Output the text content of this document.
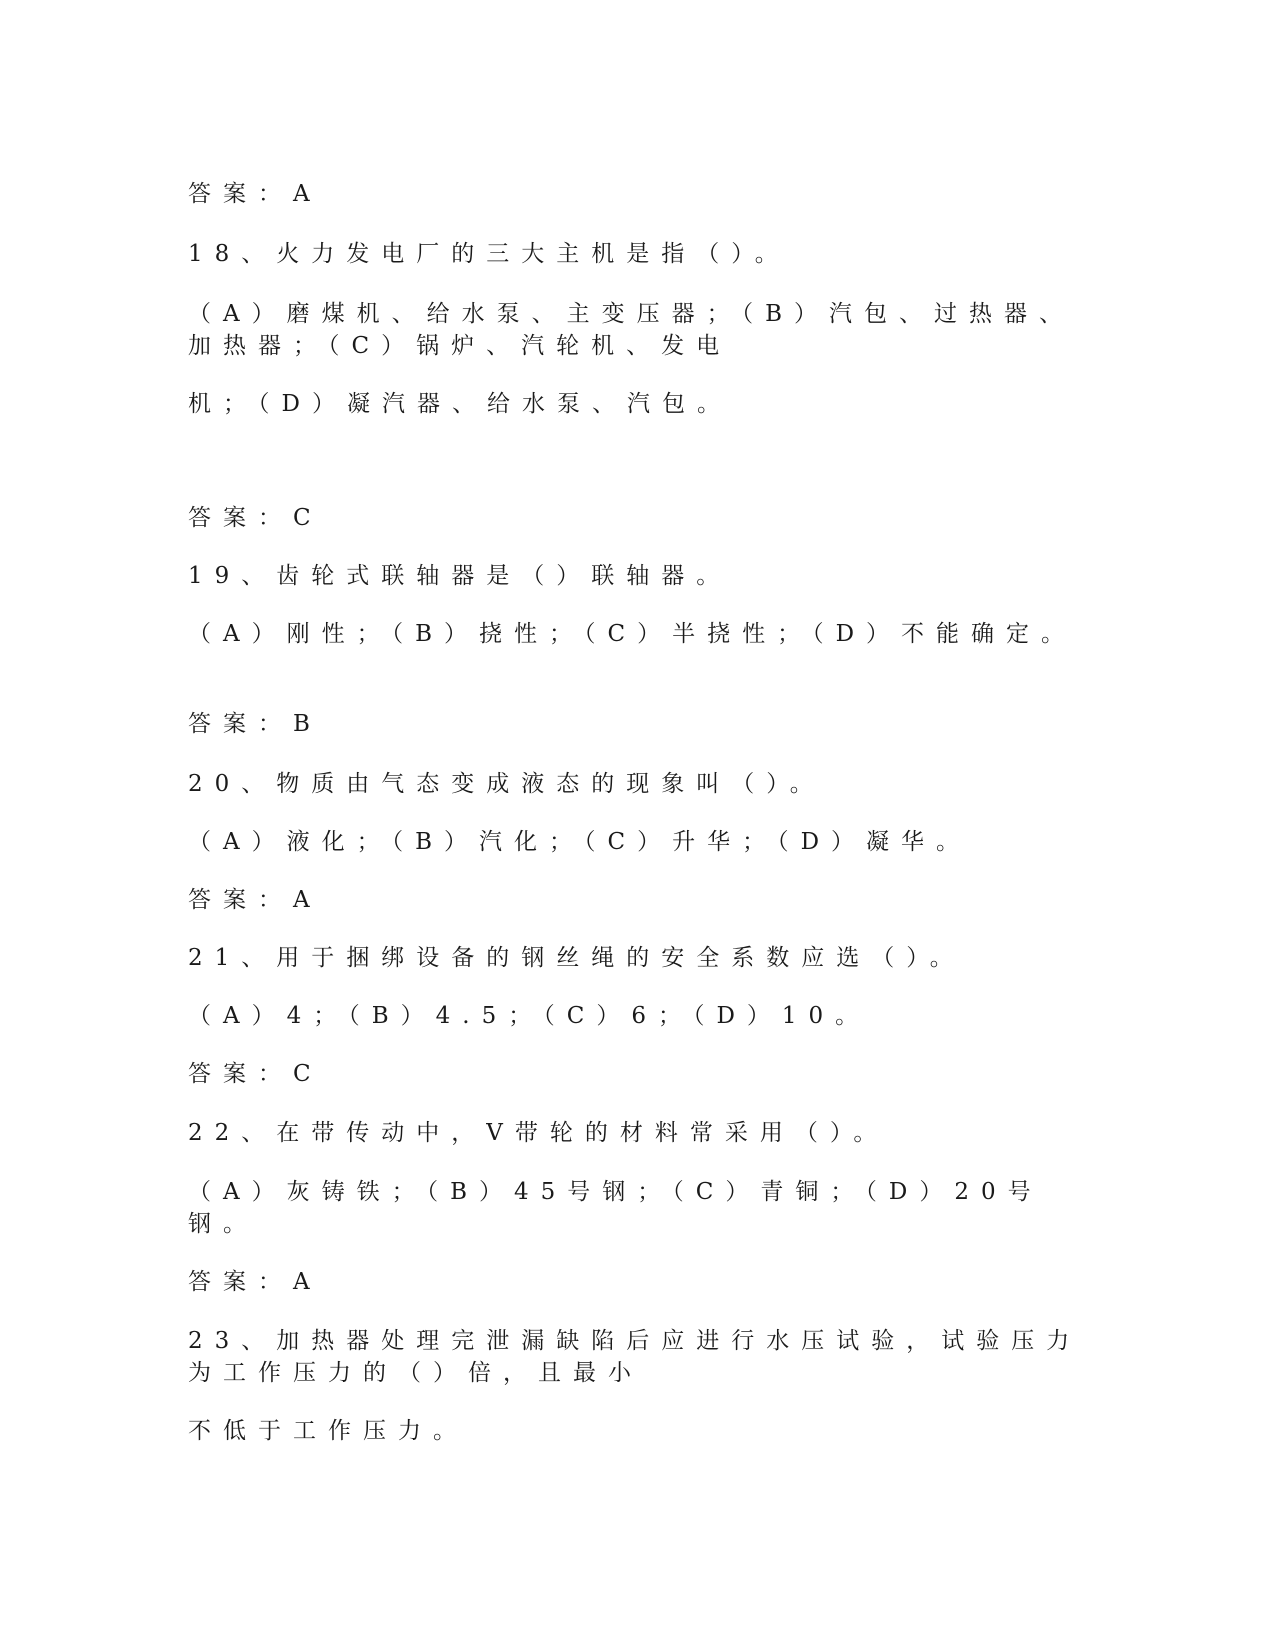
答案：A
18、火力发电厂的三大主机是指（）。
（A）磨煤机、给水泵、主变压器；（B）汽包、过热器、加热器；（C）锅炉、汽轮机、发电
机；（D）凝汽器、给水泵、汽包。
答案：C
19、齿轮式联轴器是（）联轴器。
（A）刚性；（B）挠性；（C）半挠性；（D）不能确定。
答案：B
20、物质由气态变成液态的现象叫（）。
（A）液化；（B）汽化；（C）升华；（D）凝华。
答案：A
21、用于捆绑设备的钢丝绳的安全系数应选（）。
（A）4；（B）4.5；（C）6；（D）10。
答案：C
22、在带传动中，V带轮的材料常采用（）。
（A）灰铸铁；（B）45号钢；（C）青铜；（D）20号钢。
答案：A
23、加热器处理完泄漏缺陷后应进行水压试验，试验压力为工作压力的（）倍，且最小
不低于工作压力。
